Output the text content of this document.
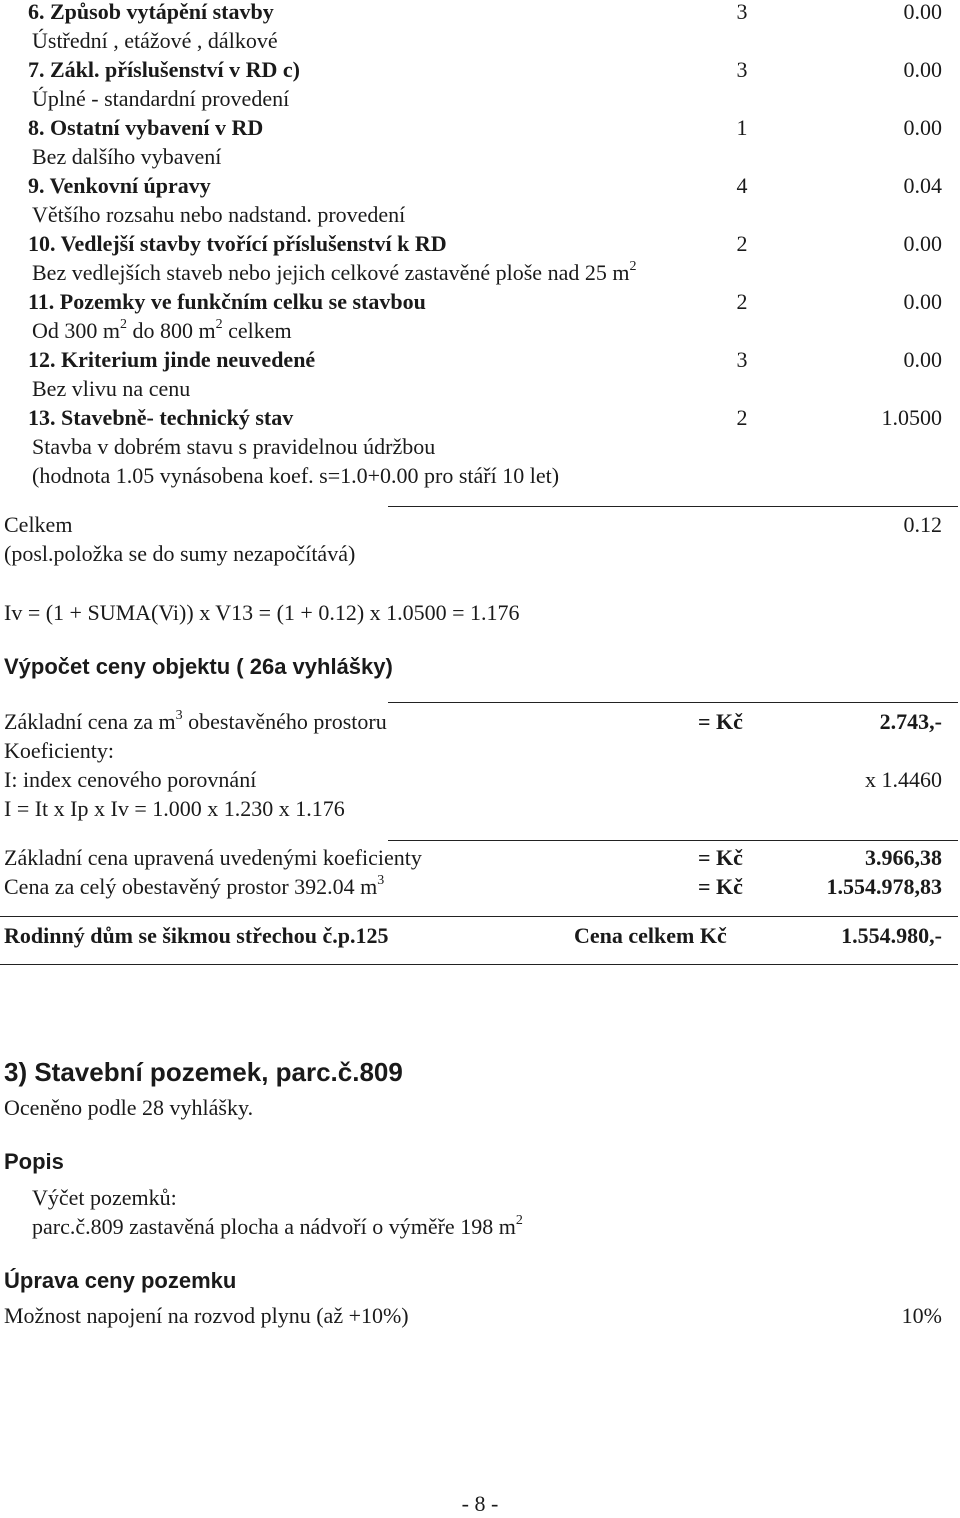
6. Způsob vytápění stavby	3	0.00
Ústřední , etážové , dálkové
7. Zákl. příslušenství v RD c)	3	0.00
Úplné - standardní provedení
8. Ostatní vybavení v RD	1	0.00
Bez dalšího vybavení
9. Venkovní úpravy	4	0.04
Většího rozsahu nebo nadstand. provedení
10. Vedlejší stavby tvořící příslušenství k RD	2	0.00
Bez vedlejších staveb nebo jejich celkové zastavěné ploše nad 25 $m^2$
11. Pozemky ve funkčním celku se stavbou	2	0.00
Od 300 $m^2$ do 800 $m^2$ celkem
12. Kriterium jinde neuvedené	3	0.00
Bez vlivu na cenu
13. Stavebně- technický stav	2	1.0500
Stavba v dobrém stavu s pravidelnou údržbou
(hodnota 1.05 vynásobena koef. s=1.0+0.00 pro stáří 10 let)
Celkem	0.12
(posl.položka se do sumy nezapočítává)
Iv = (1 + SUMA(Vi)) x V13 = (1 + 0.12) x 1.0500 = 1.176
Výpočet ceny objektu ( 26a vyhlášky)
Základní cena za $m^3$ obestavěného prostoru	= Kč	2.743,-
Koeficienty:
I: index cenového porovnání	x 1.4460
I = It x Ip x Iv = 1.000 x 1.230 x 1.176
Základní cena upravená uvedenými koeficienty	= Kč	3.966,38
Cena za celý obestavěný prostor 392.04 $m^3$	= Kč	1.554.978,83
Rodinný dům se šikmou střechou č.p.125	Cena celkem Kč	1.554.980,-
3) Stavební pozemek, parc.č.809
Oceněno podle 28 vyhlášky.
Popis
Výčet pozemků:
parc.č.809 zastavěná plocha a nádvoří o výměře 198 $m^2$
Úprava ceny pozemku
Možnost napojení na rozvod plynu (až +10%)	10%
- 8 -
